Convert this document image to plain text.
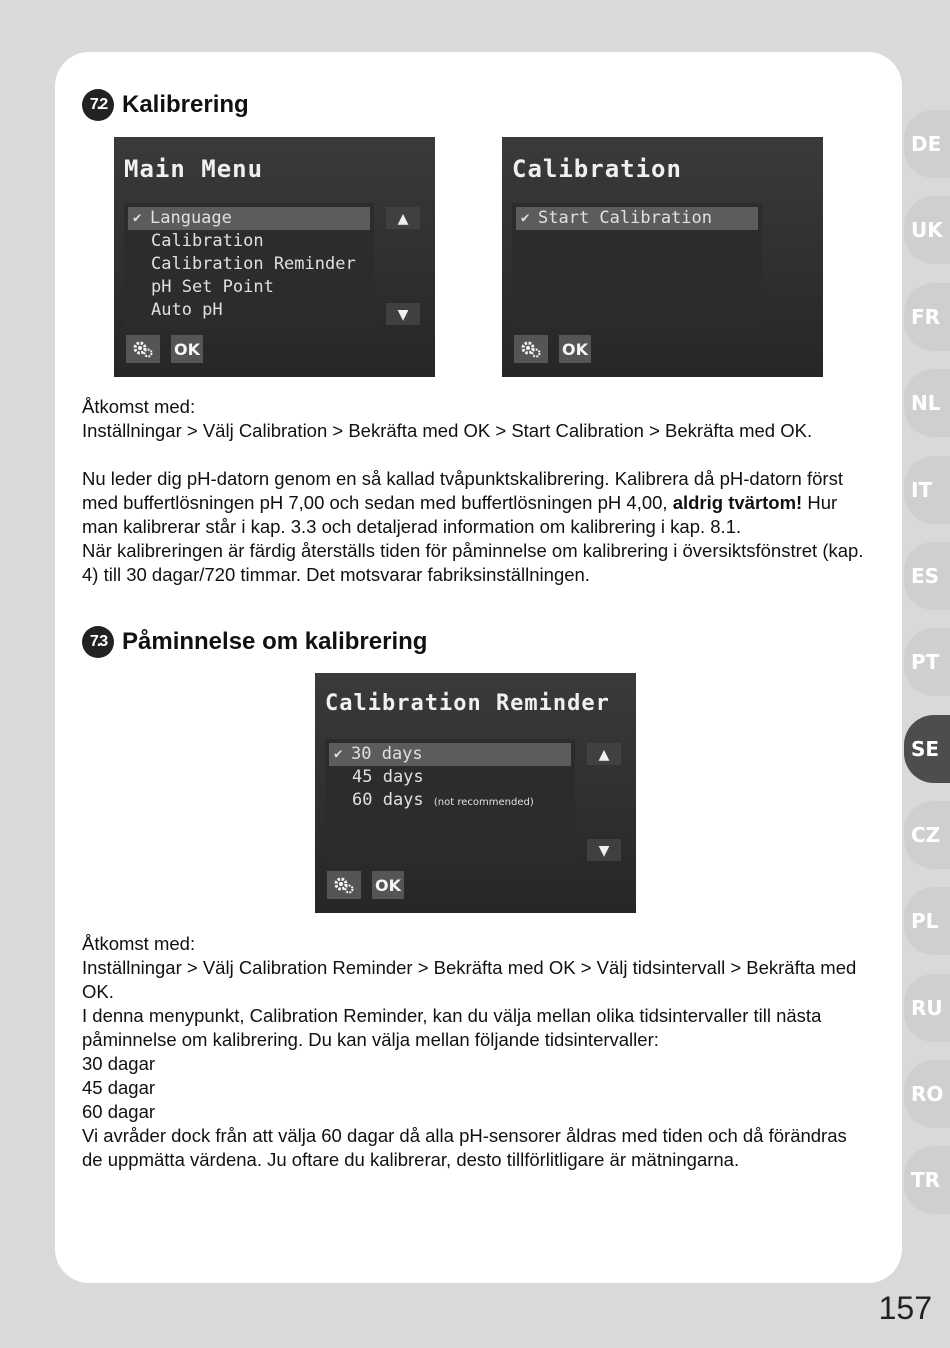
DE
UK
FR
NL
IT
ES
PT
SE
CZ
PL
RU
RO
TR
7.2 Kalibrering
Main Menu
✔ Language
Calibration
Calibration Reminder
pH Set Point
Auto pH
▲
▼
OK
Calibration
✔ Start Calibration
OK

Åtkomst med:

Inställningar > Välj Calibration > Bekräfta med OK > Start Calibration > Bekräfta med OK.

Nu leder dig pH-datorn genom en så kallad tvåpunktskalibrering. Kalibrera då pH-datorn först med buffertlösningen pH 7,00 och sedan med buffertlösningen pH 4,00, aldrig tvärtom! Hur man kalibrerar står i kap. 3.3 och detaljerad information om kalibrering i kap. 8.1.

När kalibreringen är färdig återställs tiden för påminnelse om kalibrering i översiktsfönstret (kap. 4) till 30 dagar/720 timmar. Det motsvarar fabriksinställningen.

7.3 Påminnelse om kalibrering
Calibration Reminder
✔ 30 days
45 days
60 days (not recommended)
▲
▼
OK

Åtkomst med:

Inställningar > Välj Calibration Reminder > Bekräfta med OK > Välj tidsintervall > Bekräfta med OK.

I denna menypunkt, Calibration Reminder, kan du välja mellan olika tidsintervaller till nästa påminnelse om kalibrering. Du kan välja mellan följande tidsintervaller:

30 dagar

45 dagar

60 dagar

Vi avråder dock från att välja 60 dagar då alla pH-sensorer åldras med tiden och då förändras de uppmätta värdena. Ju oftare du kalibrerar, desto tillförlitligare är mätningarna.

157
